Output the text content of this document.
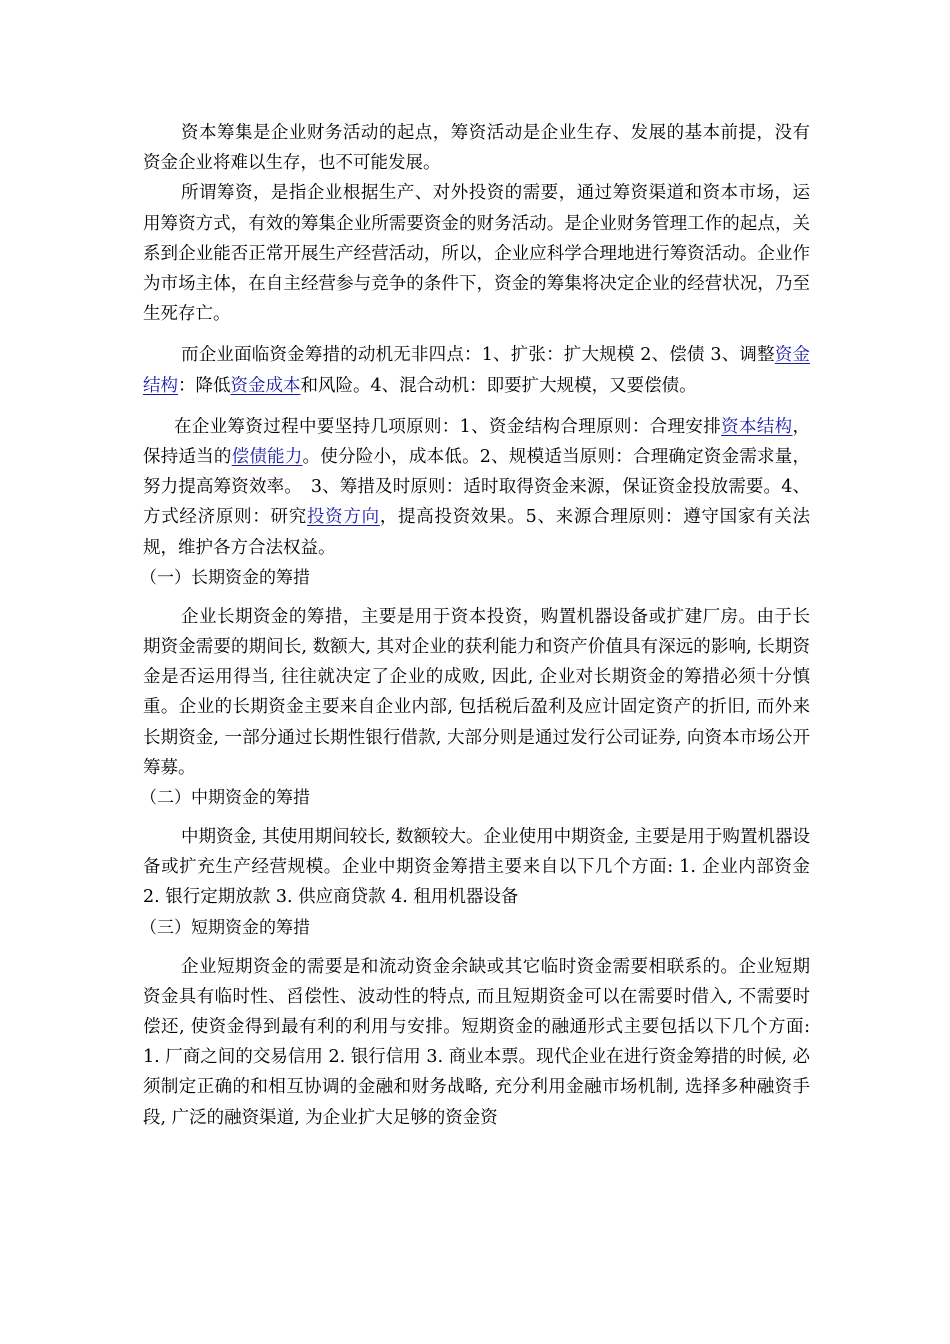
资本筹集是企业财务活动的起点，筹资活动是企业生存、发展的基本前提，没有资金企业将难以生存，也不可能发展。

所谓筹资，是指企业根据生产、对外投资的需要，通过筹资渠道和资本市场，运用筹资方式，有效的筹集企业所需要资金的财务活动。是企业财务管理工作的起点，关系到企业能否正常开展生产经营活动，所以，企业应科学合理地进行筹资活动。企业作为市场主体，在自主经营参与竞争的条件下，资金的筹集将决定企业的经营状况，乃至生死存亡。

而企业面临资金筹措的动机无非四点：1、扩张：扩大规模 2、偿债 3、调整资金结构：降低资金成本和风险。4、混合动机：即要扩大规模，又要偿债。

在企业筹资过程中要坚持几项原则：1、资金结构合理原则：合理安排资本结构，保持适当的偿债能力。使分险小，成本低。2、规模适当原则：合理确定资金需求量，努力提高筹资效率。　3、筹措及时原则：适时取得资金来源，保证资金投放需要。4、方式经济原则：研究投资方向，提高投资效果。5、来源合理原则：遵守国家有关法规，维护各方合法权益。

（一）长期资金的筹措

企业长期资金的筹措，主要是用于资本投资，购置机器设备或扩建厂房。由于长期资金需要的期间长, 数额大, 其对企业的获利能力和资产价值具有深远的影响, 长期资金是否运用得当, 往往就决定了企业的成败, 因此, 企业对长期资金的筹措必须十分慎重。企业的长期资金主要来自企业内部, 包括税后盈利及应计固定资产的折旧, 而外来长期资金, 一部分通过长期性银行借款, 大部分则是通过发行公司证券, 向资本市场公开筹募。

（二）中期资金的筹措

中期资金, 其使用期间较长, 数额较大。企业使用中期资金, 主要是用于购置机器设备或扩充生产经营规模。企业中期资金筹措主要来自以下几个方面: 1. 企业内部资金 2. 银行定期放款 3. 供应商贷款 4. 租用机器设备

（三）短期资金的筹措

企业短期资金的需要是和流动资金余缺或其它临时资金需要相联系的。企业短期资金具有临时性、舀偿性、波动性的特点, 而且短期资金可以在需要时借入, 不需要时偿还, 使资金得到最有利的利用与安排。短期资金的融通形式主要包括以下几个方面: 1. 厂商之间的交易信用 2. 银行信用 3. 商业本票。现代企业在进行资金筹措的时候, 必须制定正确的和相互协调的金融和财务战略, 充分利用金融市场机制, 选择多种融资手段, 广泛的融资渠道, 为企业扩大足够的资金资
